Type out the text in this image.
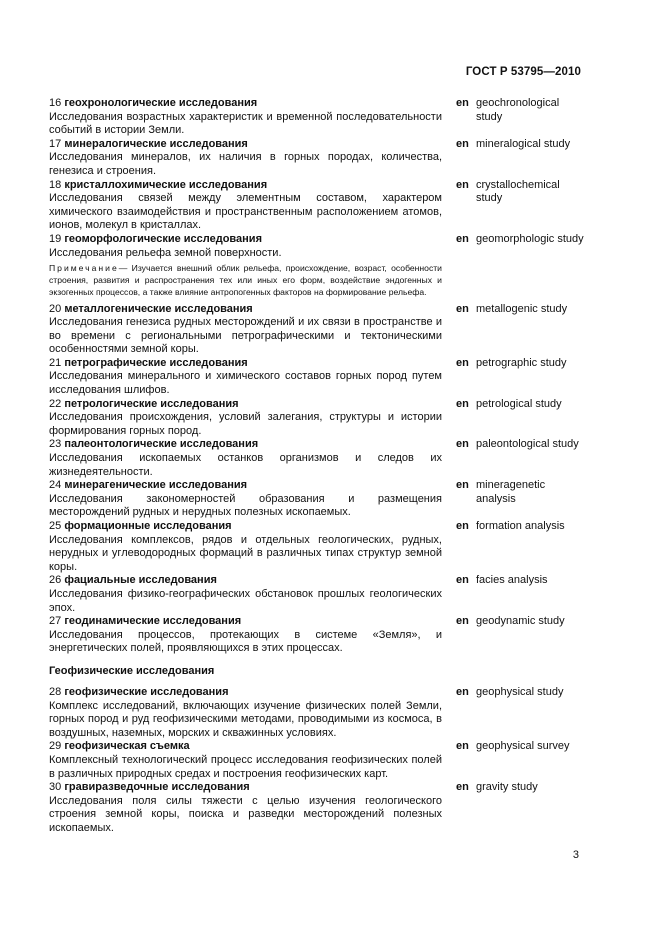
ГОСТ Р 53795—2010
16 геохронологические исследования
Исследования возрастных характеристик и временной последовательности событий в истории Земли.
en geochronological study
17 минералогические исследования
Исследования минералов, их наличия в горных породах, количества, генезиса и строения.
en mineralogical study
18 кристаллохимические исследования
Исследования связей между элементным составом, характером химического взаимодействия и пространственным расположением атомов, ионов, молекул в кристаллах.
en crystallochemical study
19 геоморфологические исследования
Исследования рельефа земной поверхности.
en geomorphologic study
Примечание— Изучается внешний облик рельефа, происхождение, возраст, особенности строения, развития и распространения тех или иных его форм, воздействие эндогенных и экзогенных процессов, а также влияние антропогенных факторов на формирование рельефа.
20 металлогенические исследования
Исследования генезиса рудных месторождений и их связи в пространстве и во времени с региональными петрографическими и тектоническими особенностями земной коры.
en metallogenic study
21 петрографические исследования
Исследования минерального и химического составов горных пород путем исследования шлифов.
en petrographic study
22 петрологические исследования
Исследования происхождения, условий залегания, структуры и истории формирования горных пород.
en petrological study
23 палеонтологические исследования
Исследования ископаемых останков организмов и следов их жизнедеятельности.
en paleontological study
24 минерагенические исследования
Исследования закономерностей образования и размещения месторождений рудных и нерудных полезных ископаемых.
en mineragenetic analysis
25 формационные исследования
Исследования комплексов, рядов и отдельных геологических, рудных, нерудных и углеводородных формаций в различных типах структур земной коры.
en formation analysis
26 фациальные исследования
Исследования физико-географических обстановок прошлых геологических эпох.
en facies analysis
27 геодинамические исследования
Исследования процессов, протекающих в системе «Земля», и энергетических полей, проявляющихся в этих процессах.
en geodynamic study
Геофизические исследования
28 геофизические исследования
Комплекс исследований, включающих изучение физических полей Земли, горных пород и руд геофизическими методами, проводимыми из космоса, в воздушных, наземных, морских и скважинных условиях.
en geophysical study
29 геофизическая съемка
Комплексный технологический процесс исследования геофизических полей в различных природных средах и построения геофизических карт.
en geophysical survey
30 гравиразведочные исследования
Исследования поля силы тяжести с целью изучения геологического строения земной коры, поиска и разведки месторождений полезных ископаемых.
en gravity study
3
